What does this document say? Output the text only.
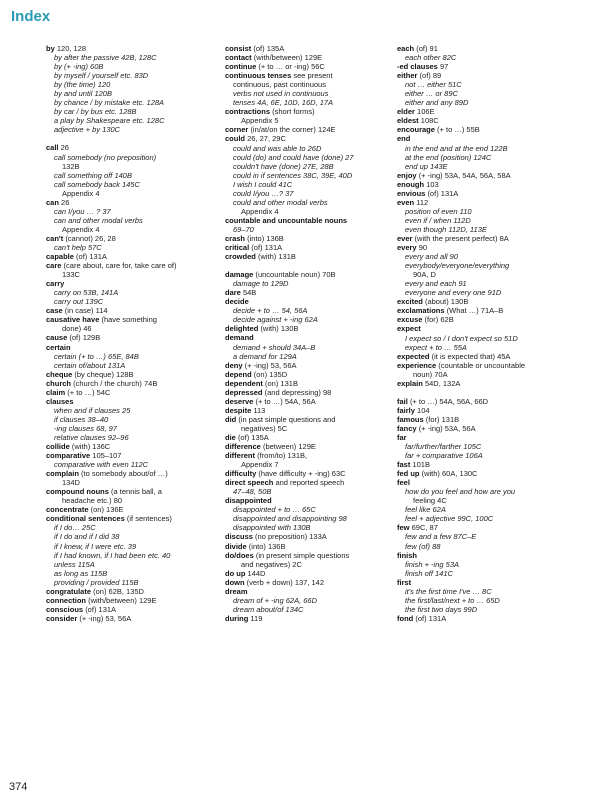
Index
by 120, 128
by after the passive 42B, 128C
by (+ -ing) 60B
by myself / yourself etc. 83D
by (the time) 120
by and until 120B
by chance / by mistake etc. 128A
by car / by bus etc. 128B
a play by Shakespeare etc. 128C
adjective + by 130C
call 26
call somebody (no preposition)
132B
call something off 140B
call somebody back 145C
Appendix 4
can 26
can I/you … ? 37
can and other modal verbs
Appendix 4
can't (cannot) 26, 28
can't help 57C
capable (of) 131A
care (care about, care for, take care of)
133C
carry
carry on 53B, 141A
carry out 139C
case (in case) 114
causative have (have something
done) 46
cause (of) 129B
certain
certain (+ to …) 65E, 84B
certain of/about 131A
cheque (by cheque) 128B
church (church / the church) 74B
claim (+ to …) 54C
clauses
when and if clauses 25
if clauses 38–40
-ing clauses 68, 97
relative clauses 92–96
collide (with) 136C
comparative 105–107
comparative with even 112C
complain (to somebody about/of …)
134D
compound nouns (a tennis ball, a
headache etc.) 80
concentrate (on) 136E
conditional sentences (if sentences)
if I do… 25C
if I do and if I did 38
if I knew, if I were etc. 39
if I had known, if I had been etc. 40
unless 115A
as long as 115B
providing / provided 115B
congratulate (on) 62B, 135D
connection (with/between) 129E
conscious (of) 131A
consider (+ -ing) 53, 56A
consist (of) 135A
contact (with/between) 129E
continue (+ to … or -ing) 56C
continuous tenses see present
continuous, past continuous
verbs not used in continuous
tenses 4A, 6E, 10D, 16D, 17A
contractions (short forms)
Appendix 5
corner (in/at/on the corner) 124E
could 26, 27, 29C
could and was able to 26D
could (do) and could have (done) 27
couldn't have (done) 27E, 28B
could in if sentences 38C, 39E, 40D
I wish I could 41C
could I/you …? 37
could and other modal verbs
Appendix 4
countable and uncountable nouns
69–70
crash (into) 136B
critical (of) 131A
crowded (with) 131B
damage (uncountable noun) 70B
damage to 129D
dare 54B
decide
decide + to … 54, 56A
decide against + -ing 62A
delighted (with) 130B
demand
demand + should 34A–B
a demand for 129A
deny (+ -ing) 53, 56A
depend (on) 135D
dependent (on) 131B
depressed (and depressing) 98
deserve (+ to …) 54A, 56A
despite 113
did (in past simple questions and
negatives) 5C
die (of) 135A
difference (between) 129E
different (from/to) 131B,
Appendix 7
difficulty (have difficulty + -ing) 63C
direct speech and reported speech
47–48, 50B
disappointed
disappointed + to … 65C
disappointed and disappointing 98
disappointed with 130B
discuss (no preposition) 133A
divide (into) 136B
do/does (in present simple questions
and negatives) 2C
do up 144D
down (verb + down) 137, 142
dream
dream of + -ing 62A, 66D
dream about/of 134C
during 119
each (of) 91
each other 82C
-ed clauses 97
either (of) 89
not … either 51C
either … or 89C
either and any 89D
elder 106E
eldest 108C
encourage (+ to …) 55B
end
in the end and at the end 122B
at the end (position) 124C
end up 143E
enjoy (+ -ing) 53A, 54A, 56A, 58A
enough 103
envious (of) 131A
even 112
position of even 110
even if / when 112D
even though 112D, 113E
ever (with the present perfect) 8A
every 90
every and all 90
everybody/everyone/everything
90A, D
every and each 91
everyone and every one 91D
excited (about) 130B
exclamations (What …) 71A–B
excuse (for) 62B
expect
I expect so / I don't expect so 51D
expect + to … 55A
expected (it is expected that) 45A
experience (countable or uncountable
noun) 70A
explain 54D, 132A
fail (+ to …) 54A, 56A, 66D
fairly 104
famous (for) 131B
fancy (+ -ing) 53A, 56A
far
far/further/farther 105C
far + comparative 106A
fast 101B
fed up (with) 60A, 130C
feel
how do you feel and how are you
feeling 4C
feel like 62A
feel + adjective 99C, 100C
few 69C, 87
few and a few 87C–E
few (of) 88
finish
finish + -ing 53A
finish off 141C
first
it's the first time I've … 8C
the first/last/next + to … 65D
the first two days 99D
fond (of) 131A
374
